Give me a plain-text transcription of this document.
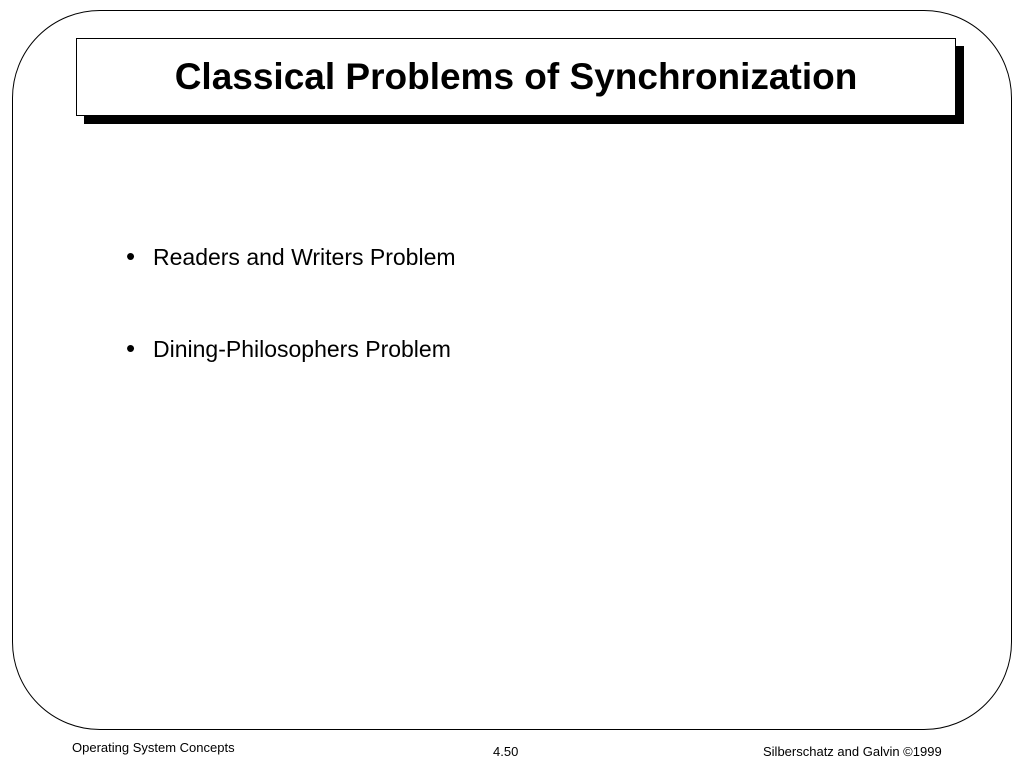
Classical Problems of Synchronization
• Readers and Writers Problem
• Dining-Philosophers Problem
Operating System Concepts	4.50	Silberschatz and Galvin ©1999
